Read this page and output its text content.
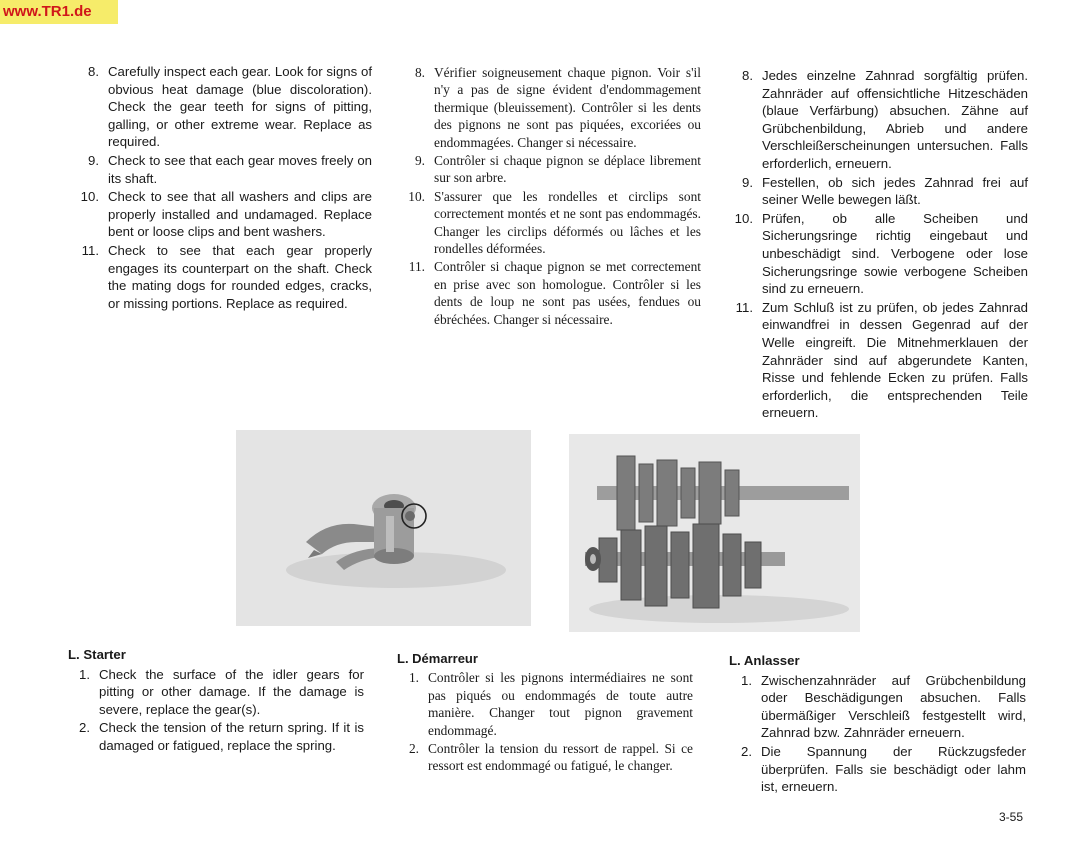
www.TR1.de
8. Carefully inspect each gear. Look for signs of obvious heat damage (blue discoloration). Check the gear teeth for signs of pitting, galling, or other extreme wear. Replace as required.
9. Check to see that each gear moves freely on its shaft.
10. Check to see that all washers and clips are properly installed and undamaged. Replace bent or loose clips and bent washers.
11. Check to see that each gear properly engages its counterpart on the shaft. Check the mating dogs for rounded edges, cracks, or missing portions. Replace as required.
8. Vérifier soigneusement chaque pignon. Voir s'il n'y a pas de signe évident d'endommagement thermique (bleuissement). Contrôler si les dents des pignons ne sont pas piquées, excoriées ou endommagées. Changer si nécessaire.
9. Contrôler si chaque pignon se déplace librement sur son arbre.
10. S'assurer que les rondelles et circlips sont correctement montés et ne sont pas endommagés. Changer les circlips déformés ou lâches et les rondelles déformées.
11. Contrôler si chaque pignon se met correctement en prise avec son homologue. Contrôler si les dents de loup ne sont pas usées, fendues ou ébréchées. Changer si nécessaire.
8. Jedes einzelne Zahnrad sorgfältig prüfen. Zahnräder auf offensichtliche Hitzeschäden (blaue Verfärbung) absuchen. Zähne auf Grübchenbildung, Abrieb und andere Verschleißerscheinungen untersuchen. Falls erforderlich, erneuern.
9. Festellen, ob sich jedes Zahnrad frei auf seiner Welle bewegen läßt.
10. Prüfen, ob alle Scheiben und Sicherungsringe richtig eingebaut und unbeschädigt sind. Verbogene oder lose Sicherungsringe sowie verbogene Scheiben sind zu erneuern.
11. Zum Schluß ist zu prüfen, ob jedes Zahnrad einwandfrei in dessen Gegenrad auf der Welle eingreift. Die Mitnehmerklauen der Zahnräder sind auf abgerundete Kanten, Risse und fehlende Ecken zu prüfen. Falls erforderlich, die entsprechenden Teile erneuern.
L. Starter
1. Check the surface of the idler gears for pitting or other damage. If the damage is severe, replace the gear(s).
2. Check the tension of the return spring. If it is damaged or fatigued, replace the spring.
L. Démarreur
1. Contrôler si les pignons intermédiaires ne sont pas piqués ou endommagés de toute autre manière. Changer tout pignon gravement endommagé.
2. Contrôler la tension du ressort de rappel. Si ce ressort est endommagé ou fatigué, le changer.
L. Anlasser
1. Zwischenzahnräder auf Grübchenbildung oder Beschädigungen absuchen. Falls übermäßiger Verschleiß festgestellt wird, Zahnrad bzw. Zahnräder erneuern.
2. Die Spannung der Rückzugsfeder überprüfen. Falls sie beschädigt oder lahm ist, erneuern.
3-55
